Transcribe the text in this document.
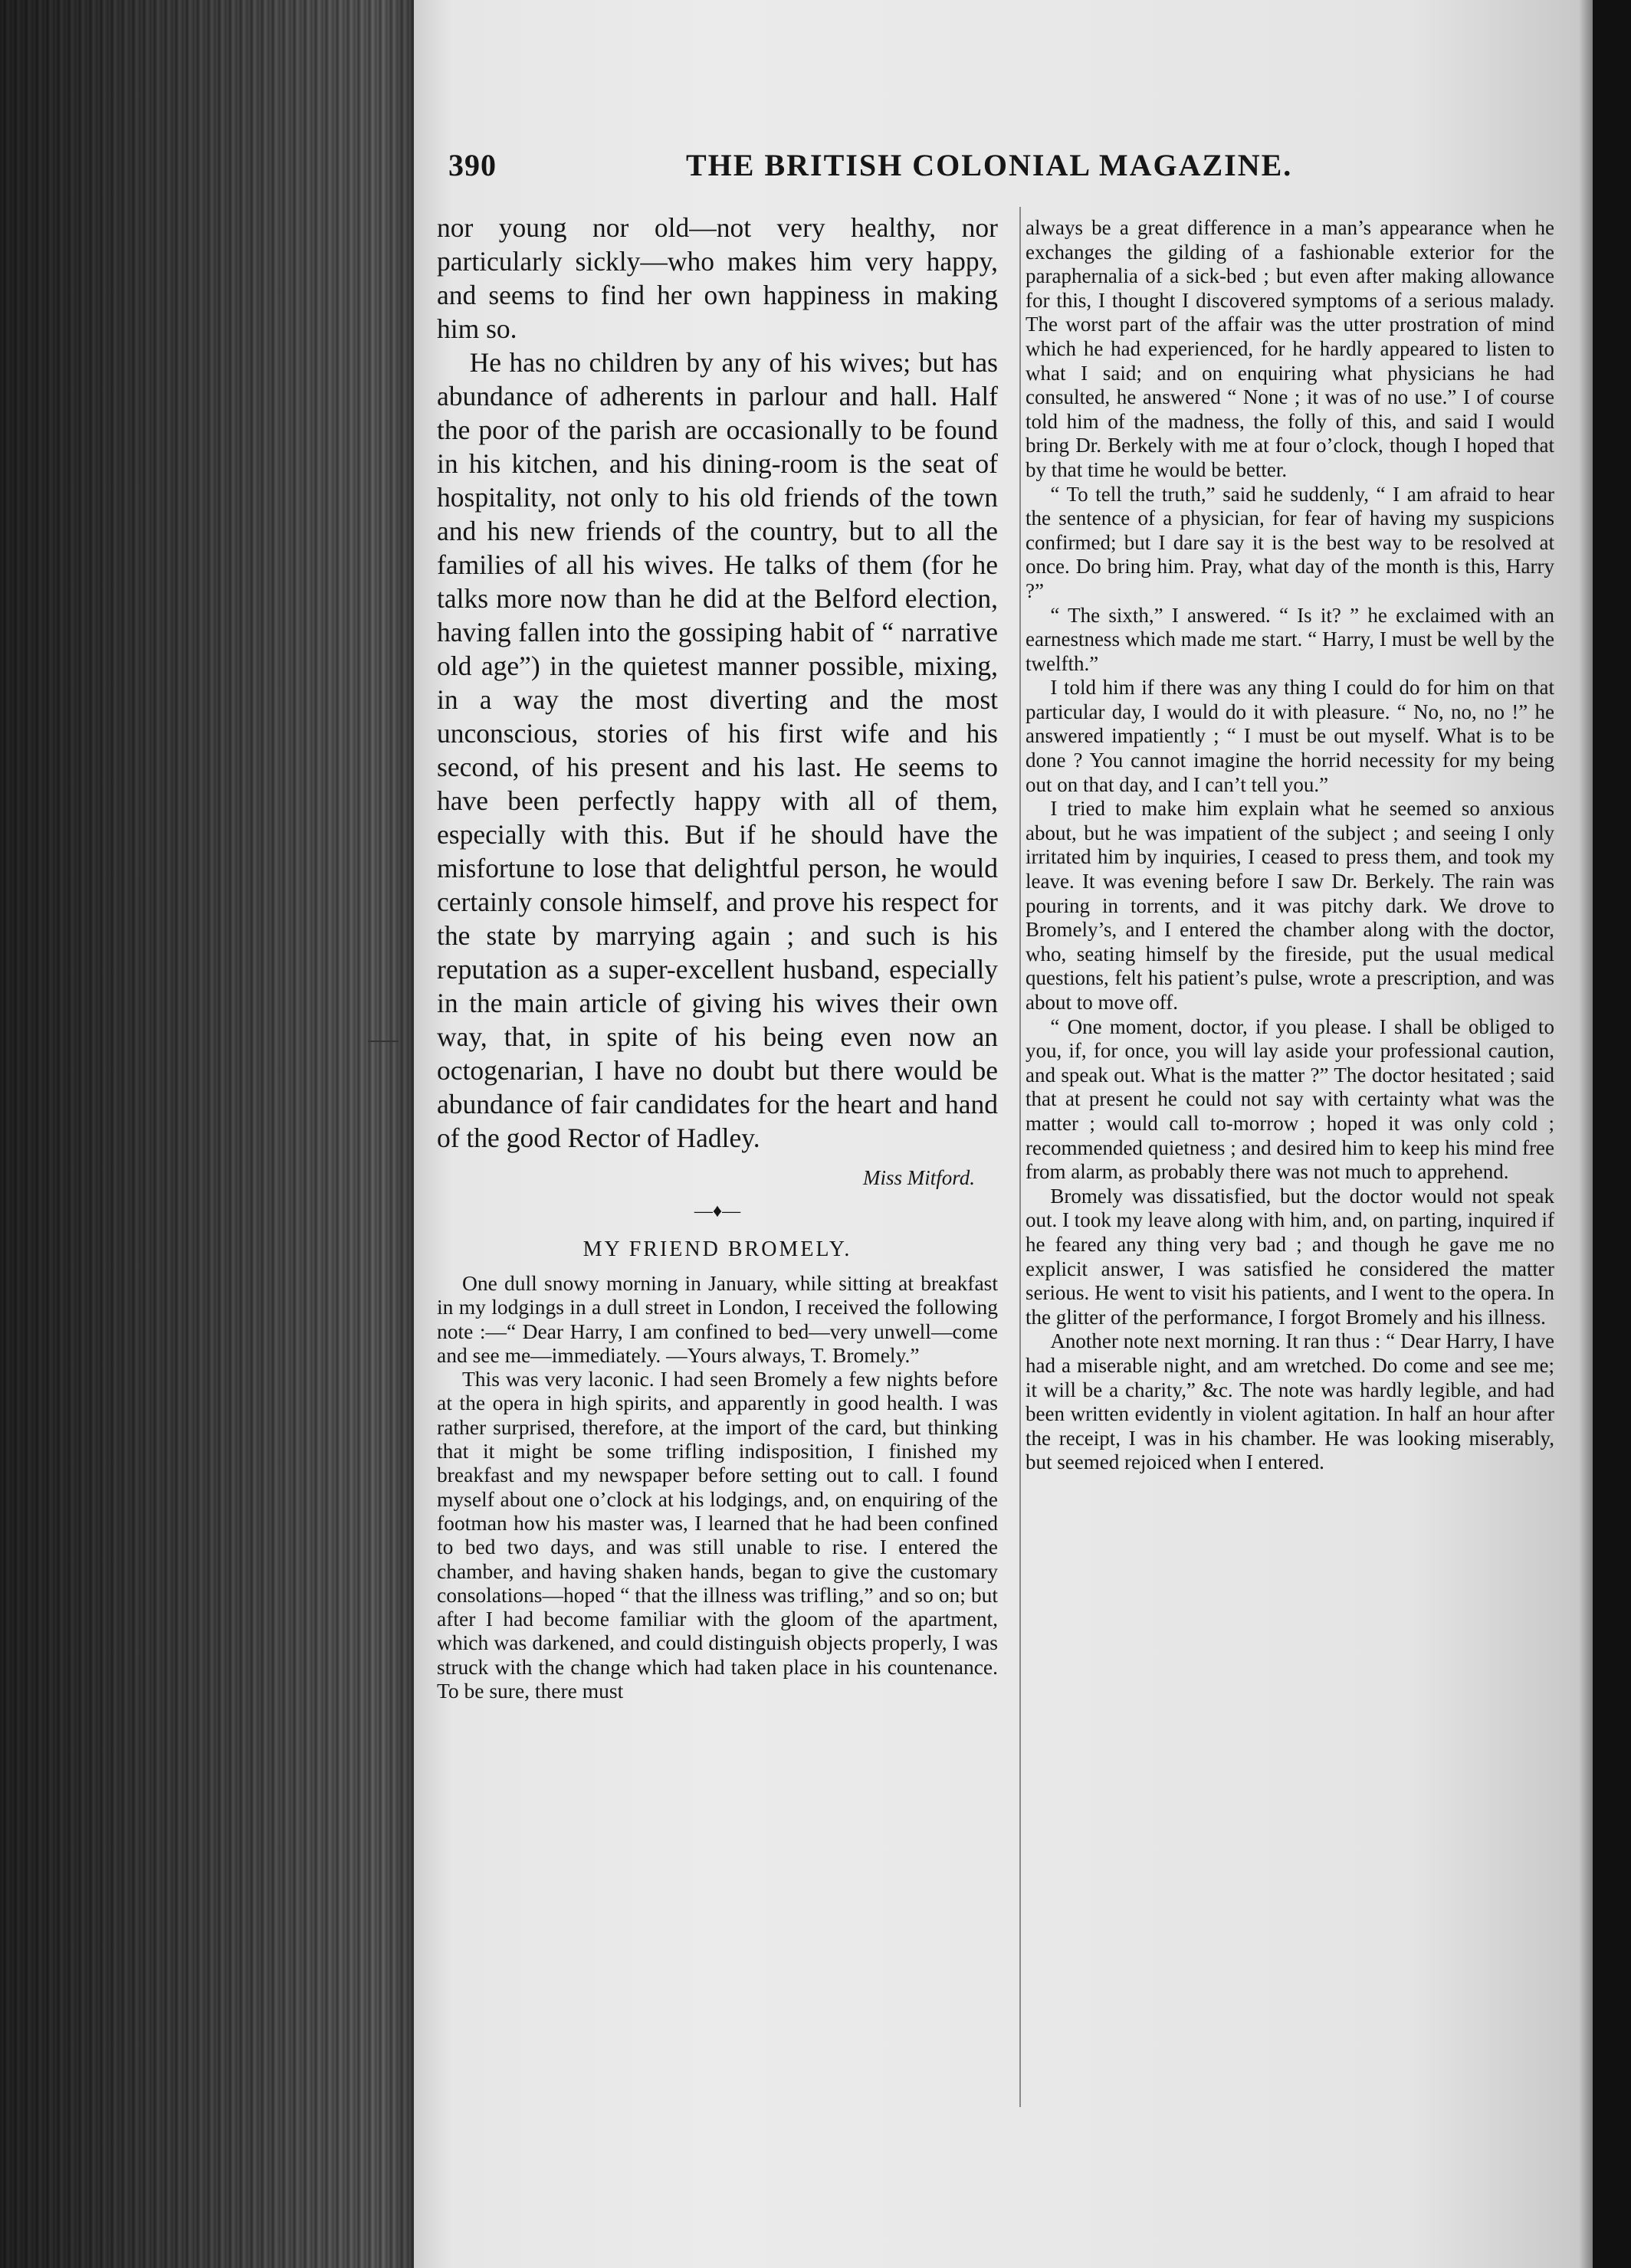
390	THE BRITISH COLONIAL MAGAZINE.

nor young nor old—not very healthy, nor particularly sickly—who makes him very happy, and seems to find her own happiness in making him so.

He has no children by any of his wives; but has abundance of adherents in parlour and hall. Half the poor of the parish are occasionally to be found in his kitchen, and his dining-room is the seat of hospitality, not only to his old friends of the town and his new friends of the country, but to all the families of all his wives. He talks of them (for he talks more now than he did at the Belford election, having fallen into the gossiping habit of “ narrative old age”) in the quietest manner possible, mixing, in a way the most diverting and the most unconscious, stories of his first wife and his second, of his present and his last. He seems to have been perfectly happy with all of them, especially with this. But if he should have the misfortune to lose that delightful person, he would certainly console himself, and prove his respect for the state by marrying again ; and such is his reputation as a super-excellent husband, especially in the main article of giving his wives their own way, that, in spite of his being even now an octogenarian, I have no doubt but there would be abundance of fair candidates for the heart and hand of the good Rector of Hadley.

Miss Mitford.
—♦—
MY FRIEND BROMELY.

One dull snowy morning in January, while sitting at breakfast in my lodgings in a dull street in London, I received the following note :—“ Dear Harry, I am confined to bed—very unwell—come and see me—immediately. —Yours always, T. Bromely.”

This was very laconic. I had seen Bromely a few nights before at the opera in high spirits, and apparently in good health. I was rather surprised, therefore, at the import of the card, but thinking that it might be some trifling indisposition, I finished my breakfast and my newspaper before setting out to call. I found myself about one o’clock at his lodgings, and, on enquiring of the footman how his master was, I learned that he had been confined to bed two days, and was still unable to rise. I entered the chamber, and having shaken hands, began to give the customary consolations—hoped “ that the illness was trifling,” and so on; but after I had become familiar with the gloom of the apartment, which was darkened, and could distinguish objects properly, I was struck with the change which had taken place in his countenance. To be sure, there must

always be a great difference in a man’s appearance when he exchanges the gilding of a fashionable exterior for the paraphernalia of a sick-bed ; but even after making allowance for this, I thought I discovered symptoms of a serious malady. The worst part of the affair was the utter prostration of mind which he had experienced, for he hardly appeared to listen to what I said; and on enquiring what physicians he had consulted, he answered “ None ; it was of no use.” I of course told him of the madness, the folly of this, and said I would bring Dr. Berkely with me at four o’clock, though I hoped that by that time he would be better.

“ To tell the truth,” said he suddenly, “ I am afraid to hear the sentence of a physician, for fear of having my suspicions confirmed; but I dare say it is the best way to be resolved at once. Do bring him. Pray, what day of the month is this, Harry ?”

“ The sixth,” I answered. “ Is it? ” he exclaimed with an earnestness which made me start. “ Harry, I must be well by the twelfth.”

I told him if there was any thing I could do for him on that particular day, I would do it with pleasure. “ No, no, no !” he answered impatiently ; “ I must be out myself. What is to be done ? You cannot imagine the horrid necessity for my being out on that day, and I can’t tell you.”

I tried to make him explain what he seemed so anxious about, but he was impatient of the subject ; and seeing I only irritated him by inquiries, I ceased to press them, and took my leave. It was evening before I saw Dr. Berkely. The rain was pouring in torrents, and it was pitchy dark. We drove to Bromely’s, and I entered the chamber along with the doctor, who, seating himself by the fireside, put the usual medical questions, felt his patient’s pulse, wrote a prescription, and was about to move off.

“ One moment, doctor, if you please. I shall be obliged to you, if, for once, you will lay aside your professional caution, and speak out. What is the matter ?” The doctor hesitated ; said that at present he could not say with certainty what was the matter ; would call to-morrow ; hoped it was only cold ; recommended quietness ; and desired him to keep his mind free from alarm, as probably there was not much to apprehend.

Bromely was dissatisfied, but the doctor would not speak out. I took my leave along with him, and, on parting, inquired if he feared any thing very bad ; and though he gave me no explicit answer, I was satisfied he considered the matter serious. He went to visit his patients, and I went to the opera. In the glitter of the performance, I forgot Bromely and his illness.

Another note next morning. It ran thus : “ Dear Harry, I have had a miserable night, and am wretched. Do come and see me; it will be a charity,” &c. The note was hardly legible, and had been written evidently in violent agitation. In half an hour after the receipt, I was in his chamber. He was looking miserably, but seemed rejoiced when I entered.
